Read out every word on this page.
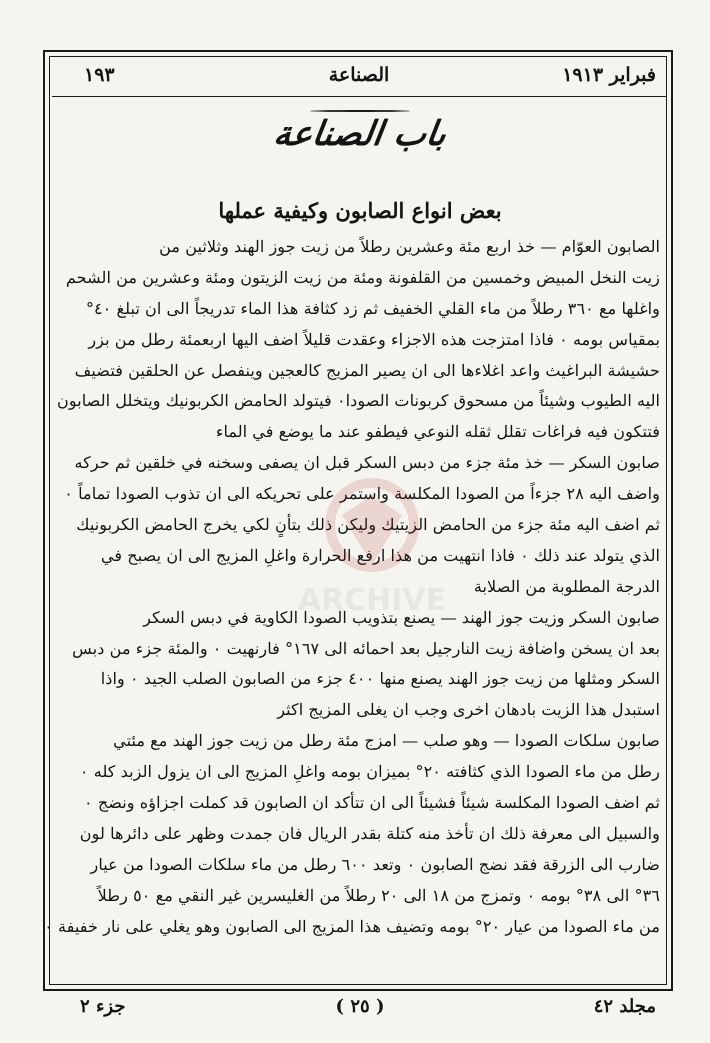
فبراير ١٩١٣
الصناعة
١٩٣
باب الصناعة
بعض انواع الصابون وكيفية عملها
الصابون العوّام — خذ اربع مئة وعشرين رطلاً من زيت جوز الهند وثلاثين من
زيت النخل المبيض وخمسين من القلفونة ومئة من زيت الزيتون ومئة وعشرين من الشحم
واغلها مع ٣٦٠ رطلاً من ماء القلي الخفيف ثم زد كثافة هذا الماء تدريجاً الى ان تبلغ ٤٠°
بمقياس بومه ٠ فاذا امتزجت هذه الاجزاء وعقدت قليلاً اضف اليها اربعمئة رطل من بزر
حشيشة البراغيث واعد اغلاءها الى ان يصير المزيج كالعجين وينفصل عن الحلقين فتضيف
اليه الطيوب وشيئاً من مسحوق كربونات الصودا٠ فيتولد الحامض الكربونيك ويتخلل الصابون
فتتكون فيه فراغات تقلل ثقله النوعي فيطفو عند ما يوضع في الماء
صابون السكر — خذ مئة جزء من دبس السكر قبل ان يصفى وسخنه في خلقين ثم حركه
واضف اليه ٢٨ جزءاً من الصودا المكلسة واستمر على تحريكه الى ان تذوب الصودا تماماً ٠
ثم اضف اليه مئة جزء من الحامض الزيتيك وليكن ذلك بتأنٍ لكي يخرج الحامض الكربونيك
الذي يتولد عند ذلك ٠ فاذا انتهيت من هذا ارفع الحرارة واغلِ المزيج الى ان يصبح في
الدرجة المطلوبة من الصلابة
صابون السكر وزيت جوز الهند — يصنع بتذويب الصودا الكاوية في دبس السكر
بعد ان يسخن واضافة زيت النارجيل بعد احمائه الى ١٦٧° فارنهيت ٠ والمئة جزء من دبس
السكر ومثلها من زيت جوز الهند يصنع منها ٤٠٠ جزء من الصابون الصلب الجيد ٠ واذا
استبدل هذا الزيت بادهان اخرى وجب ان يغلى المزيج اكثر
صابون سلكات الصودا — وهو صلب — امزج مئة رطل من زيت جوز الهند مع مئتي
رطل من ماء الصودا الذي كثافته ٢٠° بميزان بومه واغلِ المزيج الى ان يزول الزبد كله ٠
ثم اضف الصودا المكلسة شيئاً فشيئاً الى ان تتأكد ان الصابون قد كملت اجزاؤه ونضج ٠
والسبيل الى معرفة ذلك ان تأخذ منه كتلة بقدر الريال فان جمدت وظهر على دائرها لون
ضارب الى الزرقة فقد نضج الصابون ٠ وتعد ٦٠٠ رطل من ماء سلكات الصودا من عيار
٣٦° الى ٣٨° بومه ٠ وتمزج من ١٨ الى ٢٠ رطلاً من الغليسرين غير النقي مع ٥٠ رطلاً
من ماء الصودا من عيار ٢٠° بومه وتضيف هذا المزيج الى الصابون وهو يغلي على نار خفيفة ٠
ARCHIVE
مجلد ٤٢
( ٢٥ )
جزء ٢
